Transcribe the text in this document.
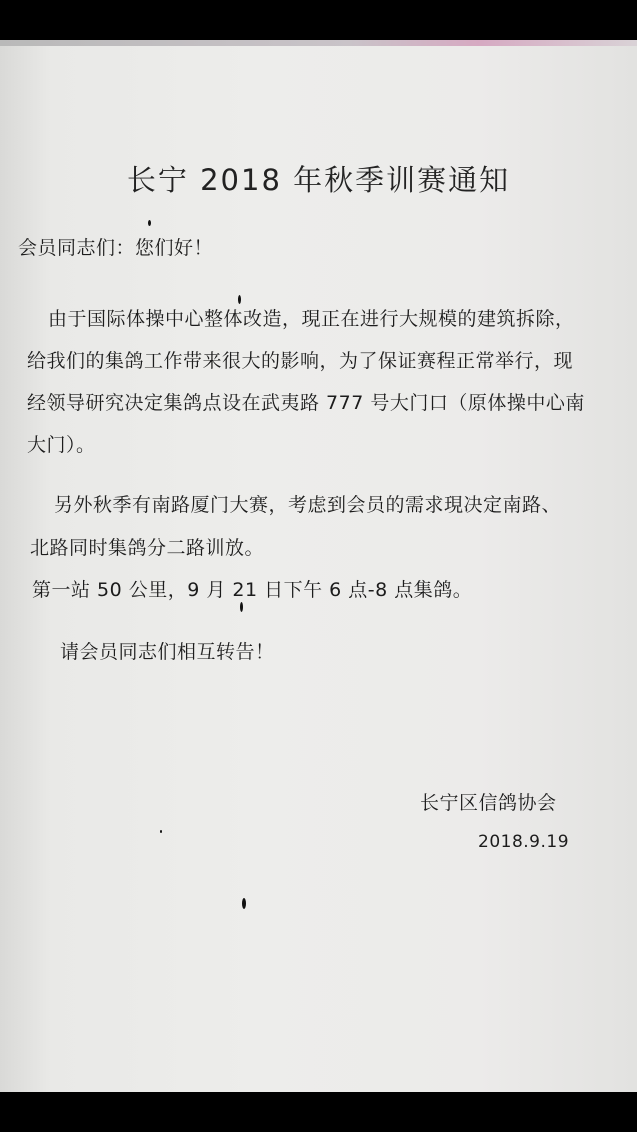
长宁 2018 年秋季训赛通知
会员同志们：您们好！
由于国际体操中心整体改造，現正在进行大规模的建筑拆除，
给我们的集鸽工作带来很大的影响，为了保证赛程正常举行，现
经领导研究决定集鸽点设在武夷路 777 号大门口（原体操中心南
大门）。
另外秋季有南路厦门大赛，考虑到会员的需求現决定南路、
北路同时集鸽分二路训放。
第一站 50 公里，9 月 21 日下午 6 点-8 点集鸽。
请会员同志们相互转告！
长宁区信鸽协会
2018.9.19
